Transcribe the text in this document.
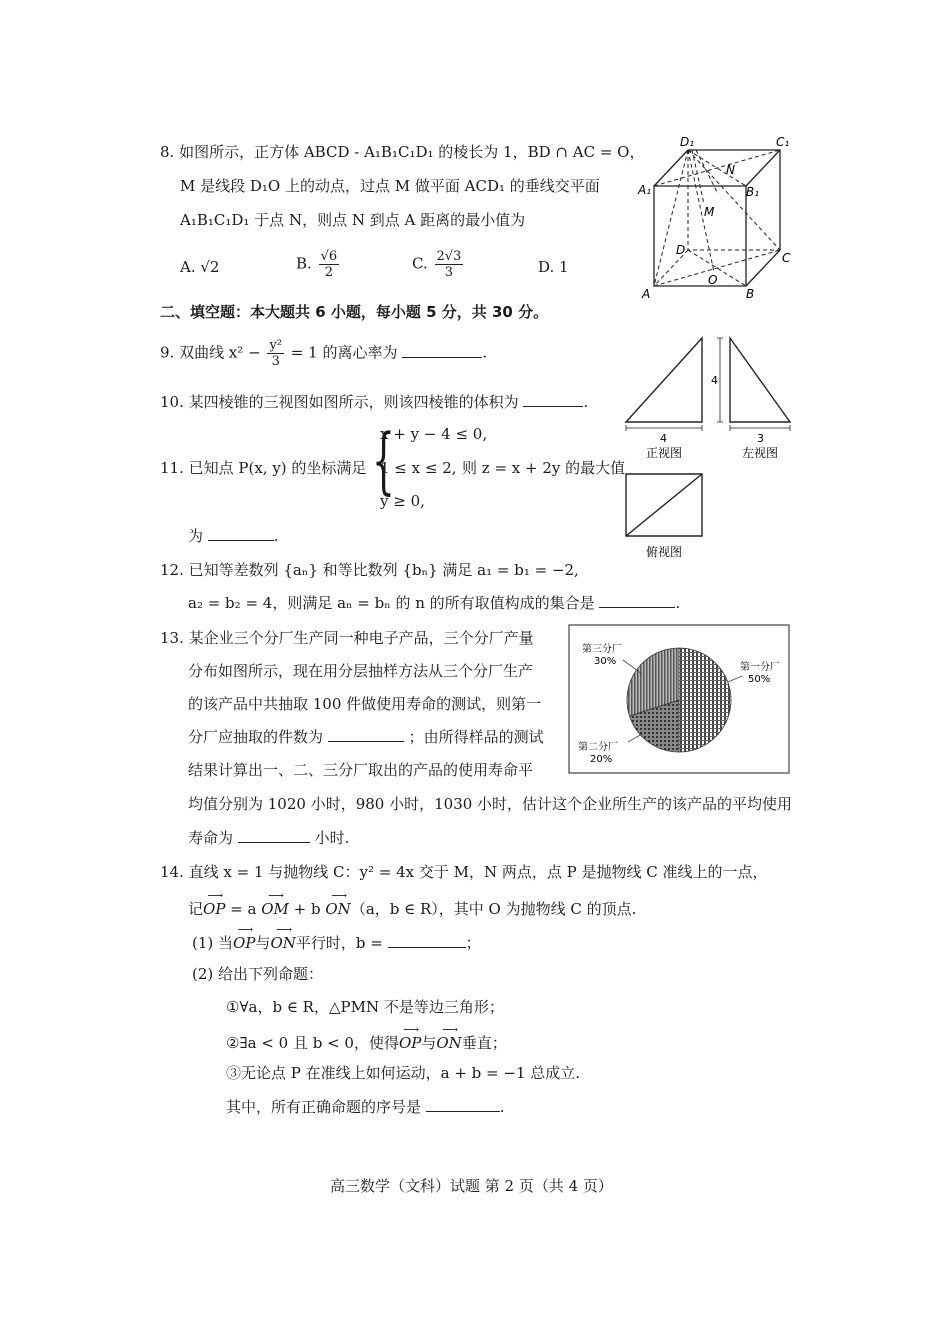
8. 如图所示，正方体 ABCD - A₁B₁C₁D₁ 的棱长为 1，BD ∩ AC = O，
M 是线段 D₁O 上的动点，过点 M 做平面 ACD₁ 的垂线交平面
A₁B₁C₁D₁ 于点 N，则点 N 到点 A 距离的最小值为
A. √2	B. $\frac{√6}{2}$	C. $\frac{2√3}{3}$	D. 1
D₁	C₁
A₁	B₁
N
M
D
C
O
A	B
二、填空题：本大题共 6 小题，每小题 5 分，共 30 分。
9. 双曲线 $x^2 - \frac{\text{y²}}{3} = 1$ 的离心率为	.
10. 某四棱锥的三视图如图所示，则该四棱锥的体积为	.
4
4	3
正视图	左视图
俯视图
11. 已知点 P(x, y) 的坐标满足 {
x + y − 4 ≤ 0,
1 ≤ x ≤ 2,
y ≥ 0,
则 z = x + 2y 的最大值
为	.
12. 已知等差数列 {aₙ} 和等比数列 {bₙ} 满足 a₁ = b₁ = −2,
a₂ = b₂ = 4，则满足 aₙ = bₙ 的 n 的所有取值构成的集合是	.
13. 某企业三个分厂生产同一种电子产品，三个分厂产量
分布如图所示，现在用分层抽样方法从三个分厂生产
的该产品中共抽取 100 件做使用寿命的测试，则第一
分厂应抽取的件数为	；由所得样品的测试
结果计算出一、二、三分厂取出的产品的使用寿命平
均值分别为 1020 小时，980 小时，1030 小时，估计这个企业所生产的该产品的平均使用
寿命为	小时.
第三分厂
30%
第一分厂
50%
第二分厂
20%
14. 直线 x = 1 与抛物线 C：y² = 4x 交于 M，N 两点，点 P 是抛物线 C 准线上的一点，
记⟶ OP = a ⟶ OM + b ⟶ ON（a，b ∈ R），其中 O 为抛物线 C 的顶点.
(1) 当⟶ OP与⟶ ON平行时，b =	；
(2) 给出下列命题：
①∀a，b ∈ R，△PMN 不是等边三角形；
②∃a < 0 且 b < 0，使得⟶ OP与⟶ ON垂直；
③无论点 P 在准线上如何运动，a + b = −1 总成立.
其中，所有正确命题的序号是	.
高三数学（文科）试题 第 2 页（共 4 页）
